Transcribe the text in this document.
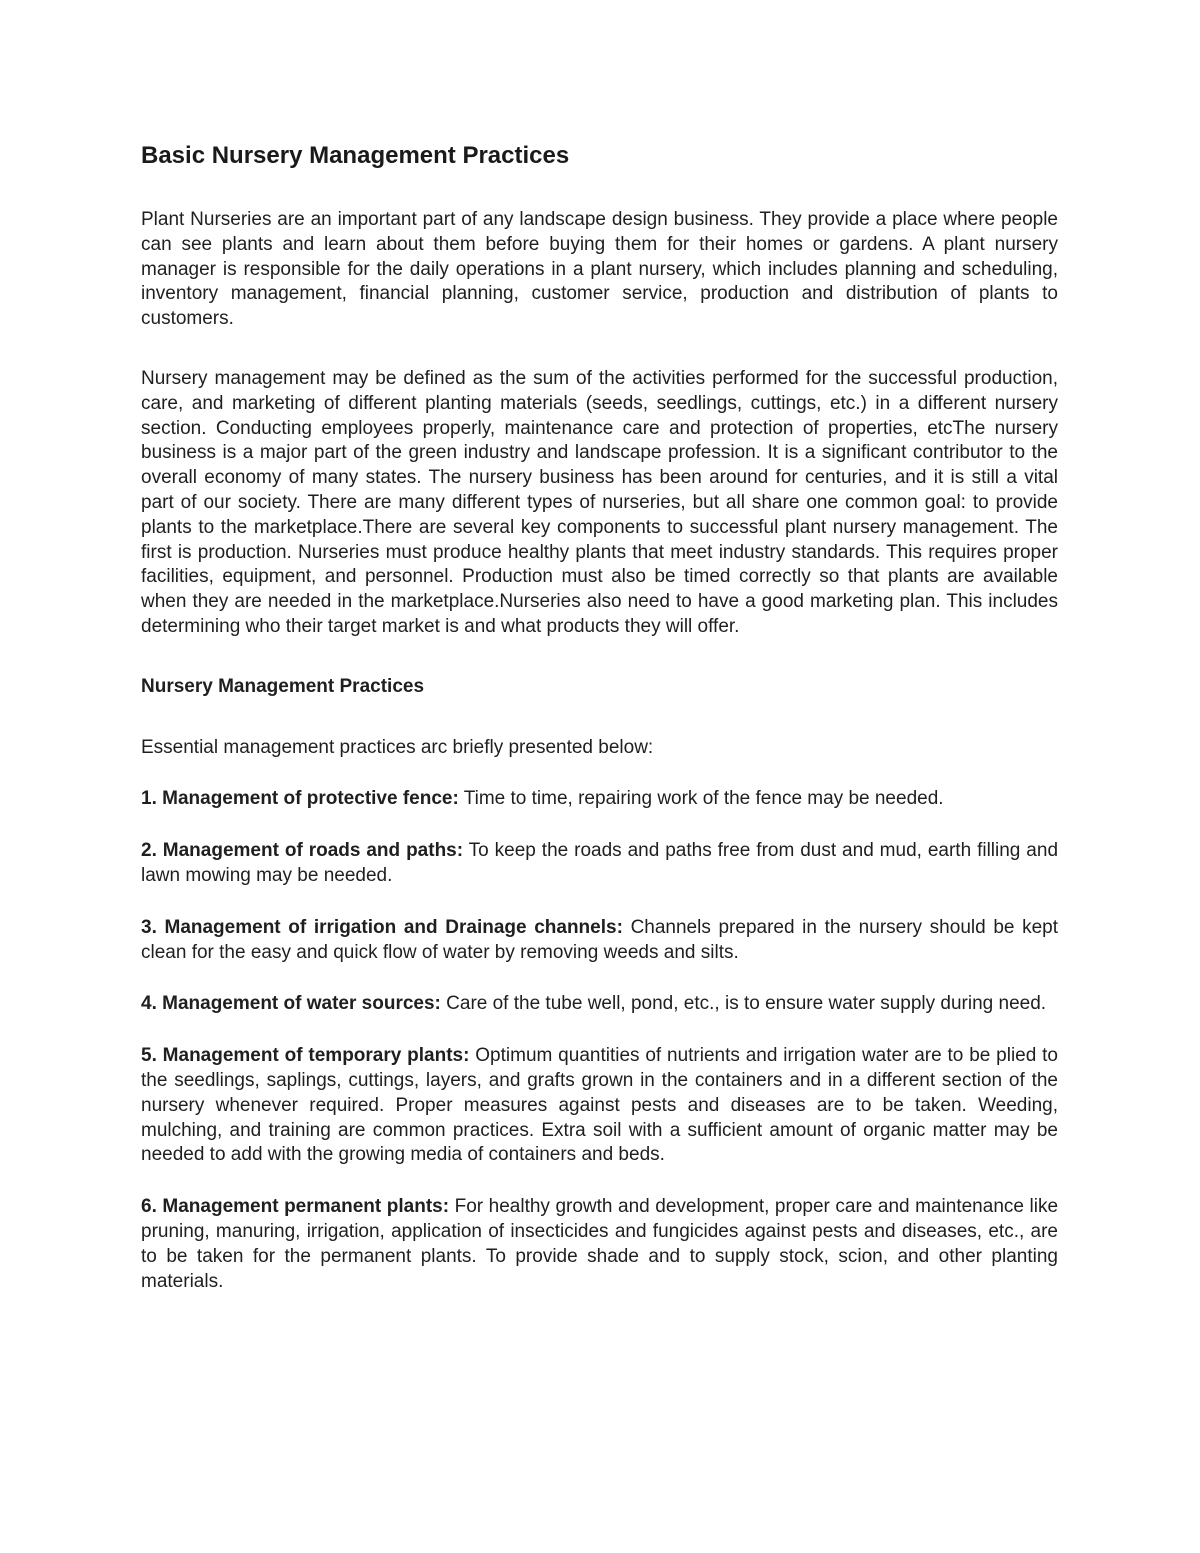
Basic Nursery Management Practices

Plant Nurseries are an important part of any landscape design business. They provide a place where people can see plants and learn about them before buying them for their homes or gardens. A plant nursery manager is responsible for the daily operations in a plant nursery, which includes planning and scheduling, inventory management, financial planning, customer service, production and distribution of plants to customers.

Nursery management may be defined as the sum of the activities performed for the successful production, care, and marketing of different planting materials (seeds, seedlings, cuttings, etc.) in a different nursery section. Conducting employees properly, maintenance care and protection of properties, etcThe nursery business is a major part of the green industry and landscape profession. It is a significant contributor to the overall economy of many states. The nursery business has been around for centuries, and it is still a vital part of our society. There are many different types of nurseries, but all share one common goal: to provide plants to the marketplace.There are several key components to successful plant nursery management. The first is production. Nurseries must produce healthy plants that meet industry standards. This requires proper facilities, equipment, and personnel. Production must also be timed correctly so that plants are available when they are needed in the marketplace.Nurseries also need to have a good marketing plan. This includes determining who their target market is and what products they will offer.

Nursery Management Practices
Essential management practices arc briefly presented below:
1. Management of protective fence: Time to time, repairing work of the fence may be needed.
2. Management of roads and paths: To keep the roads and paths free from dust and mud, earth filling and lawn mowing may be needed.
3. Management of irrigation and Drainage channels: Channels prepared in the nursery should be kept clean for the easy and quick flow of water by removing weeds and silts.
4. Management of water sources: Care of the tube well, pond, etc., is to ensure water supply during need.
5. Management of temporary plants: Optimum quantities of nutrients and irrigation water are to be plied to the seedlings, saplings, cuttings, layers, and grafts grown in the containers and in a different section of the nursery whenever required. Proper measures against pests and diseases are to be taken. Weeding, mulching, and training are common practices. Extra soil with a sufficient amount of organic matter may be needed to add with the growing media of containers and beds.
6. Management permanent plants: For healthy growth and development, proper care and maintenance like pruning, manuring, irrigation, application of insecticides and fungicides against pests and diseases, etc., are to be taken for the permanent plants. To provide shade and to supply stock, scion, and other planting materials.
